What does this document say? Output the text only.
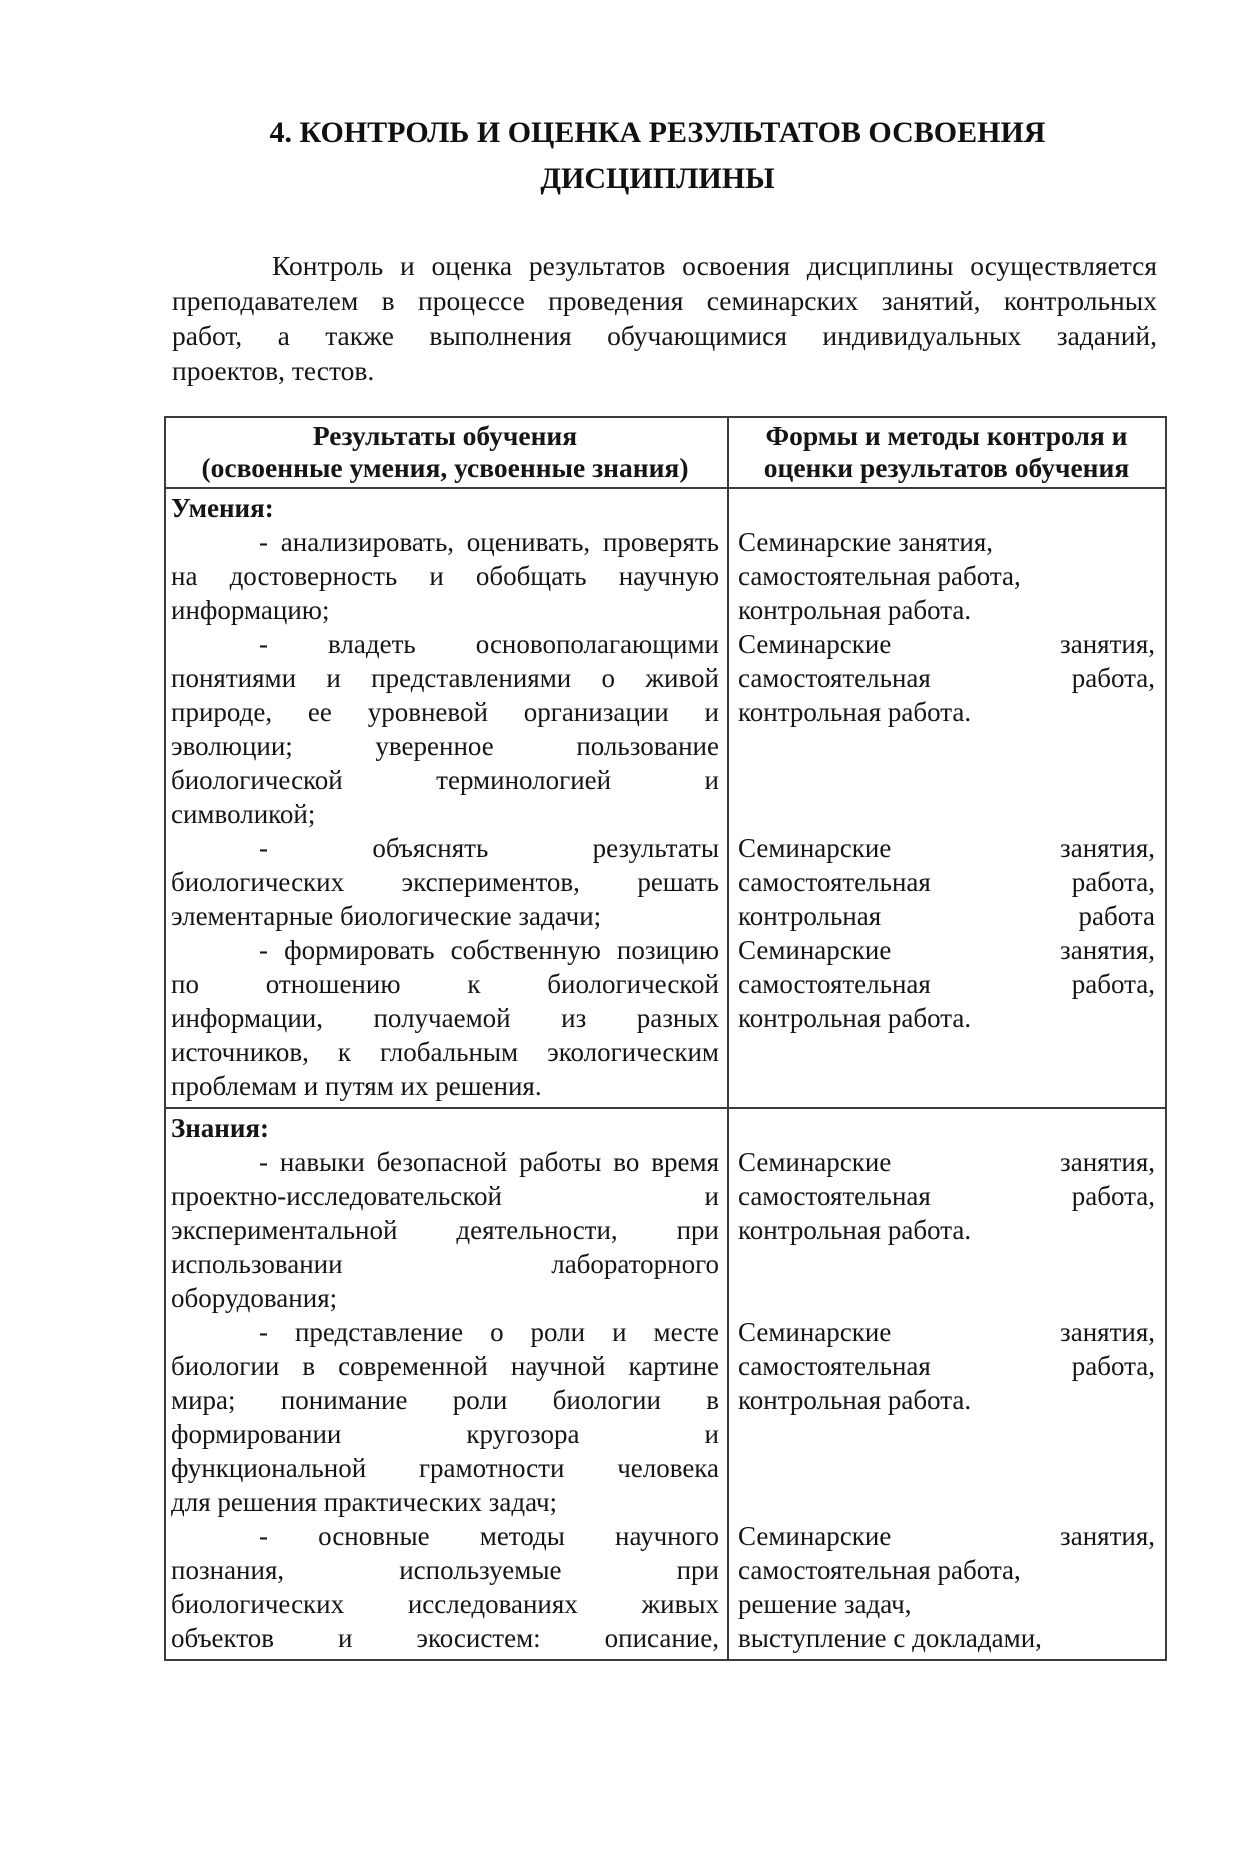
4. КОНТРОЛЬ И ОЦЕНКА РЕЗУЛЬТАТОВ ОСВОЕНИЯ
ДИСЦИПЛИНЫ
Контроль и оценка результатов освоения дисциплины осуществляется
преподавателем в процессе проведения семинарских занятий, контрольных
работ, а также выполнения обучающимися индивидуальных заданий,
проектов, тестов.
Результаты обучения
(освоенные умения, усвоенные знания)
Формы и методы контроля и
оценки результатов обучения
Умения:
- анализировать, оценивать, проверять
на достоверность и обобщать научную
информацию;
- владеть основополагающими
понятиями и представлениями о живой
природе, ее уровневой организации и
эволюции; уверенное пользование
биологической терминологией и
символикой;
- объяснять результаты
биологических экспериментов, решать
элементарные биологические задачи;
- формировать собственную позицию
по отношению к биологической
информации, получаемой из разных
источников, к глобальным экологическим
проблемам и путям их решения.

Семинарские занятия,
самостоятельная работа,
контрольная работа.
Семинарские занятия,
самостоятельная работа,
контрольная работа.

Семинарские занятия,
самостоятельная работа,
контрольная работа
Семинарские занятия,
самостоятельная работа,
контрольная работа.

Знания:
- навыки безопасной работы во время
проектно-исследовательской и
экспериментальной деятельности, при
использовании лабораторного
оборудования;
- представление о роли и месте
биологии в современной научной картине
мира; понимание роли биологии в
формировании кругозора и
функциональной грамотности человека
для решения практических задач;
- основные методы научного
познания, используемые при
биологических исследованиях живых
объектов и экосистем: описание,

Семинарские занятия,
самостоятельная работа,
контрольная работа.

Семинарские занятия,
самостоятельная работа,
контрольная работа.

Семинарские занятия,
самостоятельная работа,
решение задач,
выступление с докладами,
